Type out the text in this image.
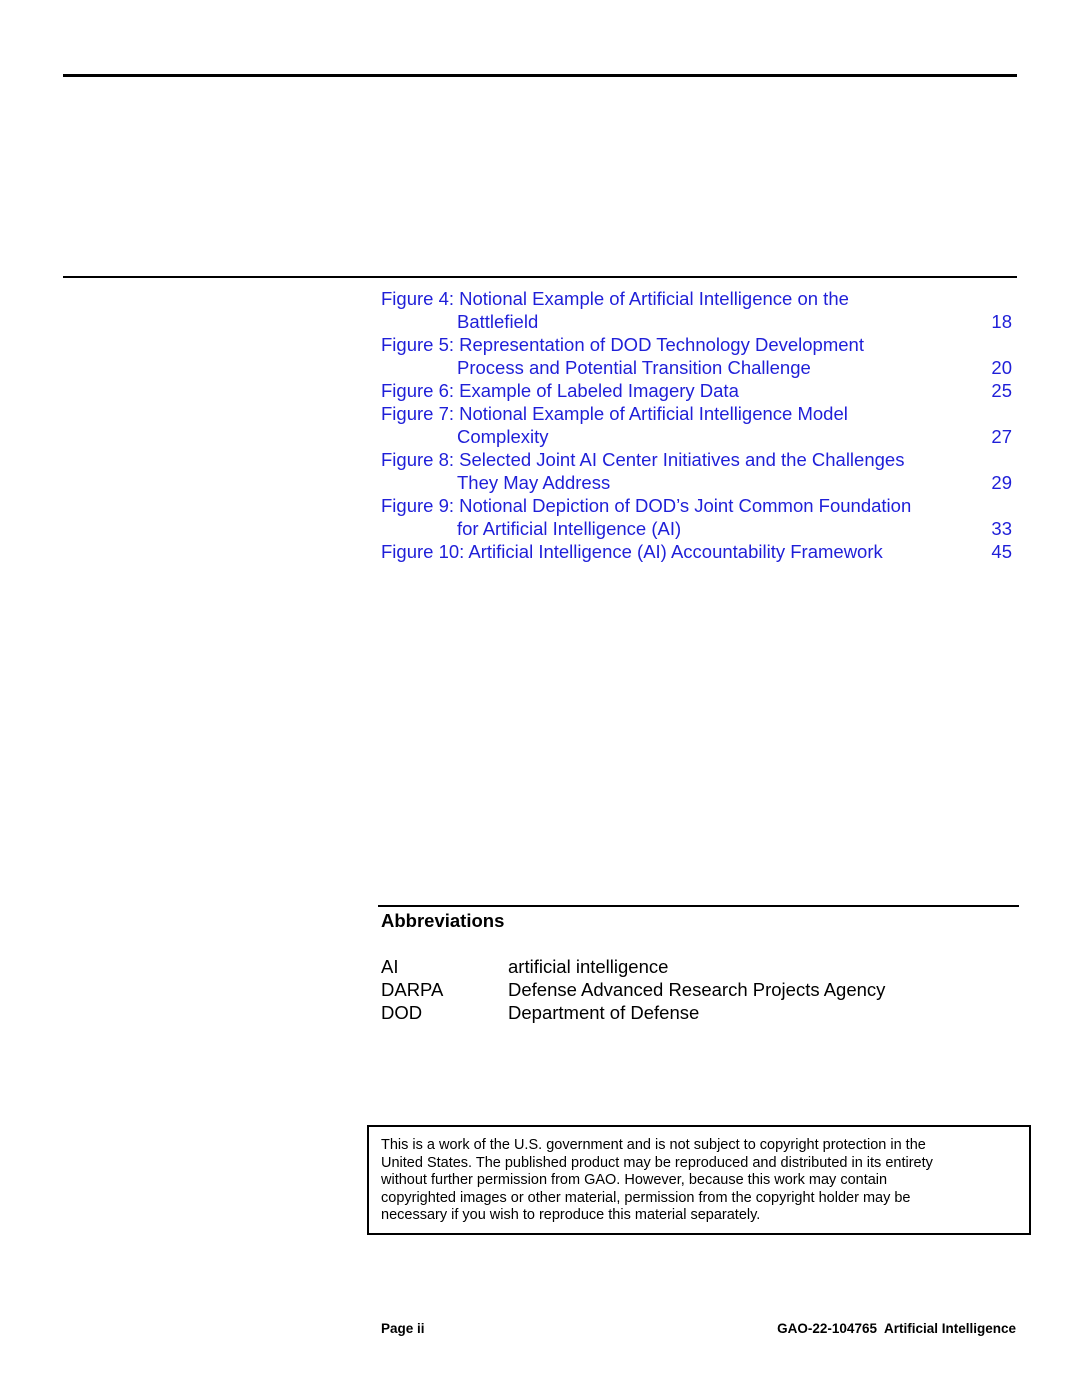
Figure 4: Notional Example of Artificial Intelligence on the
Battlefield	18
Figure 5: Representation of DOD Technology Development
Process and Potential Transition Challenge	20
Figure 6: Example of Labeled Imagery Data	25
Figure 7: Notional Example of Artificial Intelligence Model
Complexity	27
Figure 8: Selected Joint AI Center Initiatives and the Challenges
They May Address	29
Figure 9: Notional Depiction of DOD’s Joint Common Foundation
for Artificial Intelligence (AI)	33
Figure 10: Artificial Intelligence (AI) Accountability Framework	45
Abbreviations
AI	artificial intelligence
DARPA	Defense Advanced Research Projects Agency
DOD	Department of Defense
This is a work of the U.S. government and is not subject to copyright protection in the
United States. The published product may be reproduced and distributed in its entirety
without further permission from GAO. However, because this work may contain
copyrighted images or other material, permission from the copyright holder may be
necessary if you wish to reproduce this material separately.
Page ii	GAO-22-104765  Artificial Intelligence
